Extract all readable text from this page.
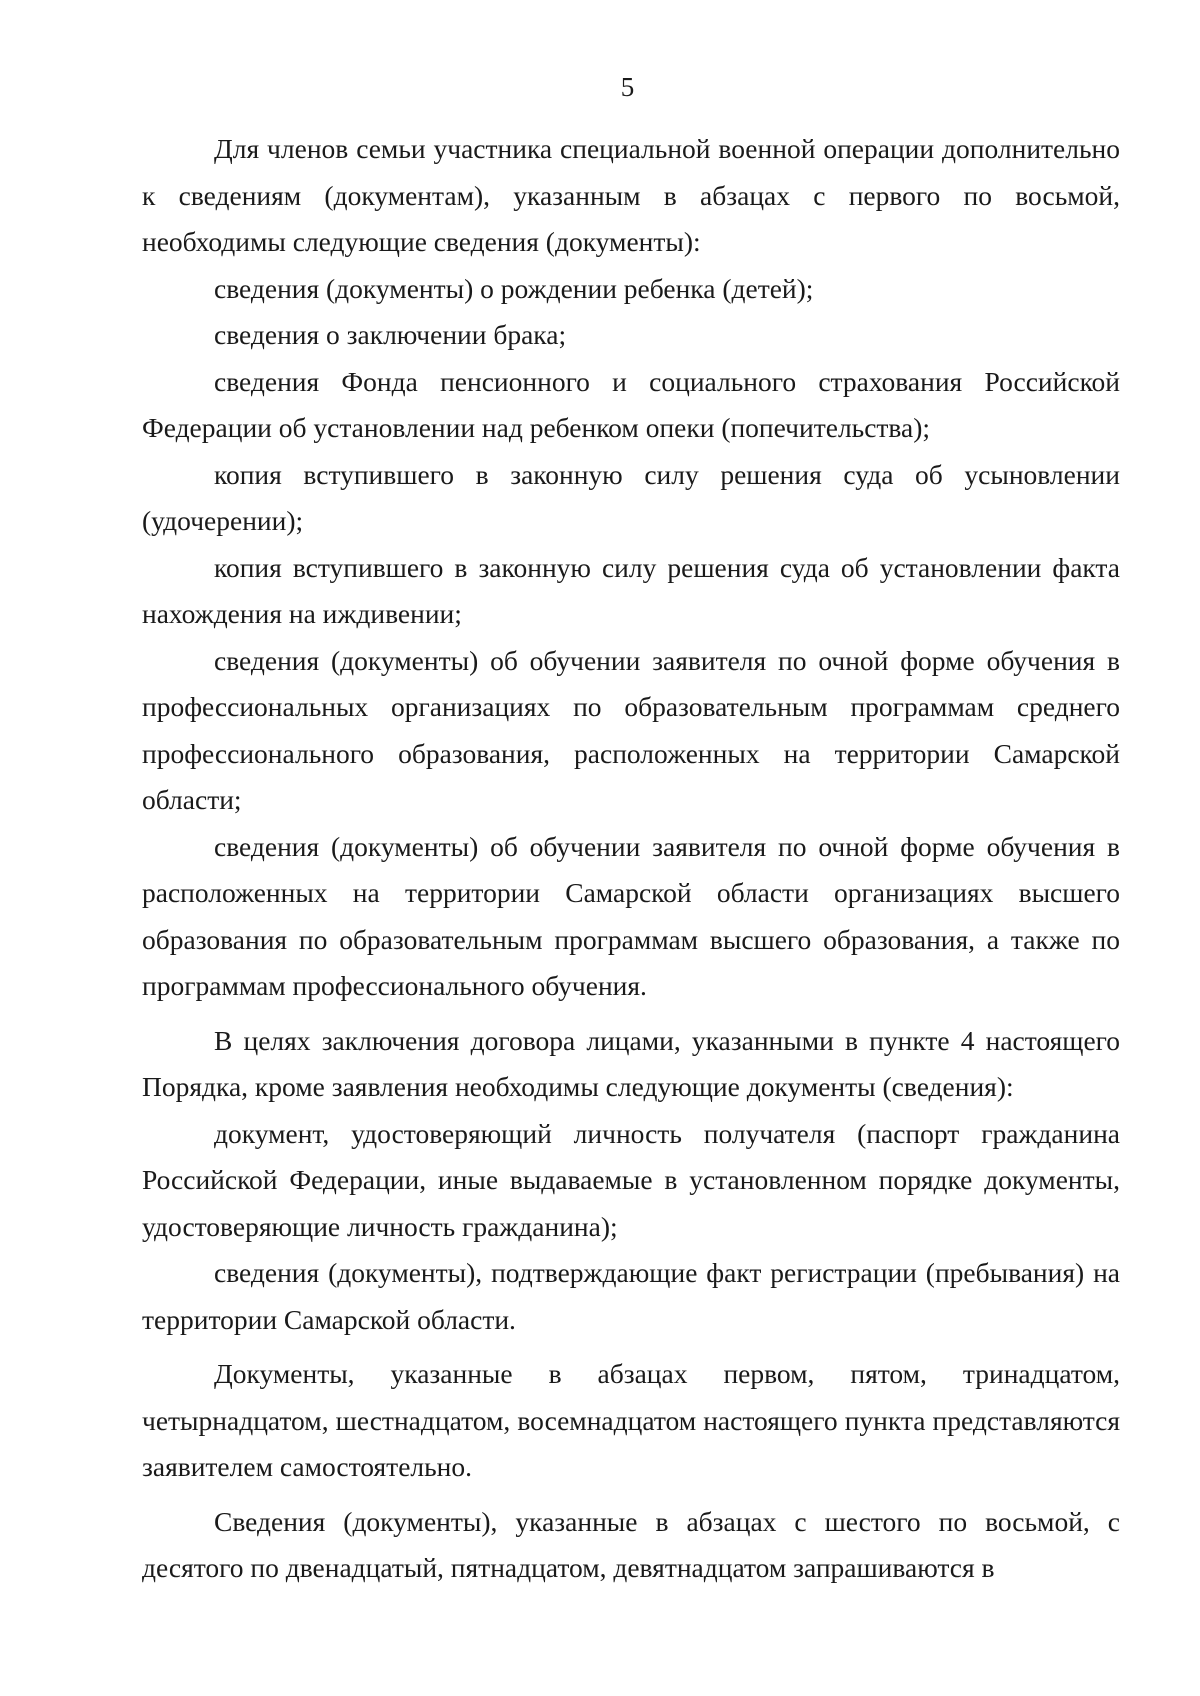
5

Для членов семьи участника специальной военной операции дополнительно к сведениям (документам), указанным в абзацах с первого по восьмой, необходимы следующие сведения (документы):

сведения (документы) о рождении ребенка (детей);

сведения о заключении брака;

сведения Фонда пенсионного и социального страхования Российской Федерации об установлении над ребенком опеки (попечительства);

копия вступившего в законную силу решения суда об усыновлении (удочерении);

копия вступившего в законную силу решения суда об установлении факта нахождения на иждивении;

сведения (документы) об обучении заявителя по очной форме обучения в профессиональных организациях по образовательным программам среднего профессионального образования, расположенных на территории Самарской области;

сведения (документы) об обучении заявителя по очной форме обучения в расположенных на территории Самарской области организациях высшего образования по образовательным программам высшего образования, а также по программам профессионального обучения.

В целях заключения договора лицами, указанными в пункте 4 настоящего Порядка, кроме заявления необходимы следующие документы (сведения):

документ, удостоверяющий личность получателя (паспорт гражданина Российской Федерации, иные выдаваемые в установленном порядке документы, удостоверяющие личность гражданина);

сведения (документы), подтверждающие факт регистрации (пребывания) на территории Самарской области.

Документы, указанные в абзацах первом, пятом, тринадцатом, четырнадцатом, шестнадцатом, восемнадцатом настоящего пункта представляются заявителем самостоятельно.

Сведения (документы), указанные в абзацах с шестого по восьмой, с десятого по двенадцатый, пятнадцатом, девятнадцатом запрашиваются в
